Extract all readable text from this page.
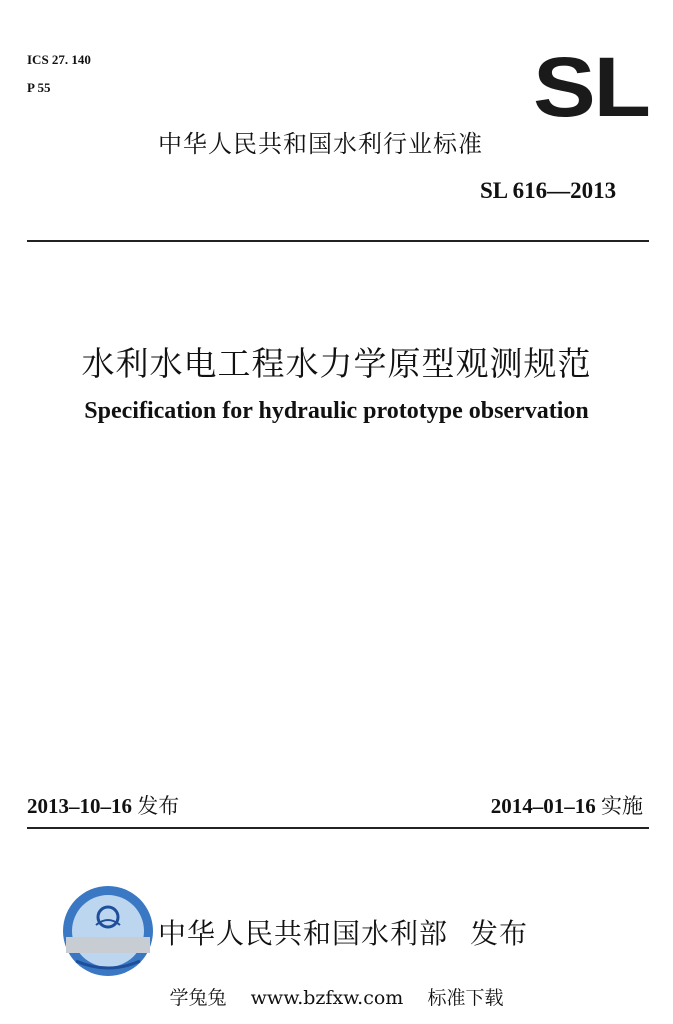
ICS 27. 140
P 55	SL
中华人民共和国水利行业标准
SL 616—2013
水利水电工程水力学原型观测规范
Specification for hydraulic prototype observation
2013–10–16 发布	2014–01–16 实施
中华人民共和国水利部 发布
学兔兔 www.bzfxw.com 标准下载
